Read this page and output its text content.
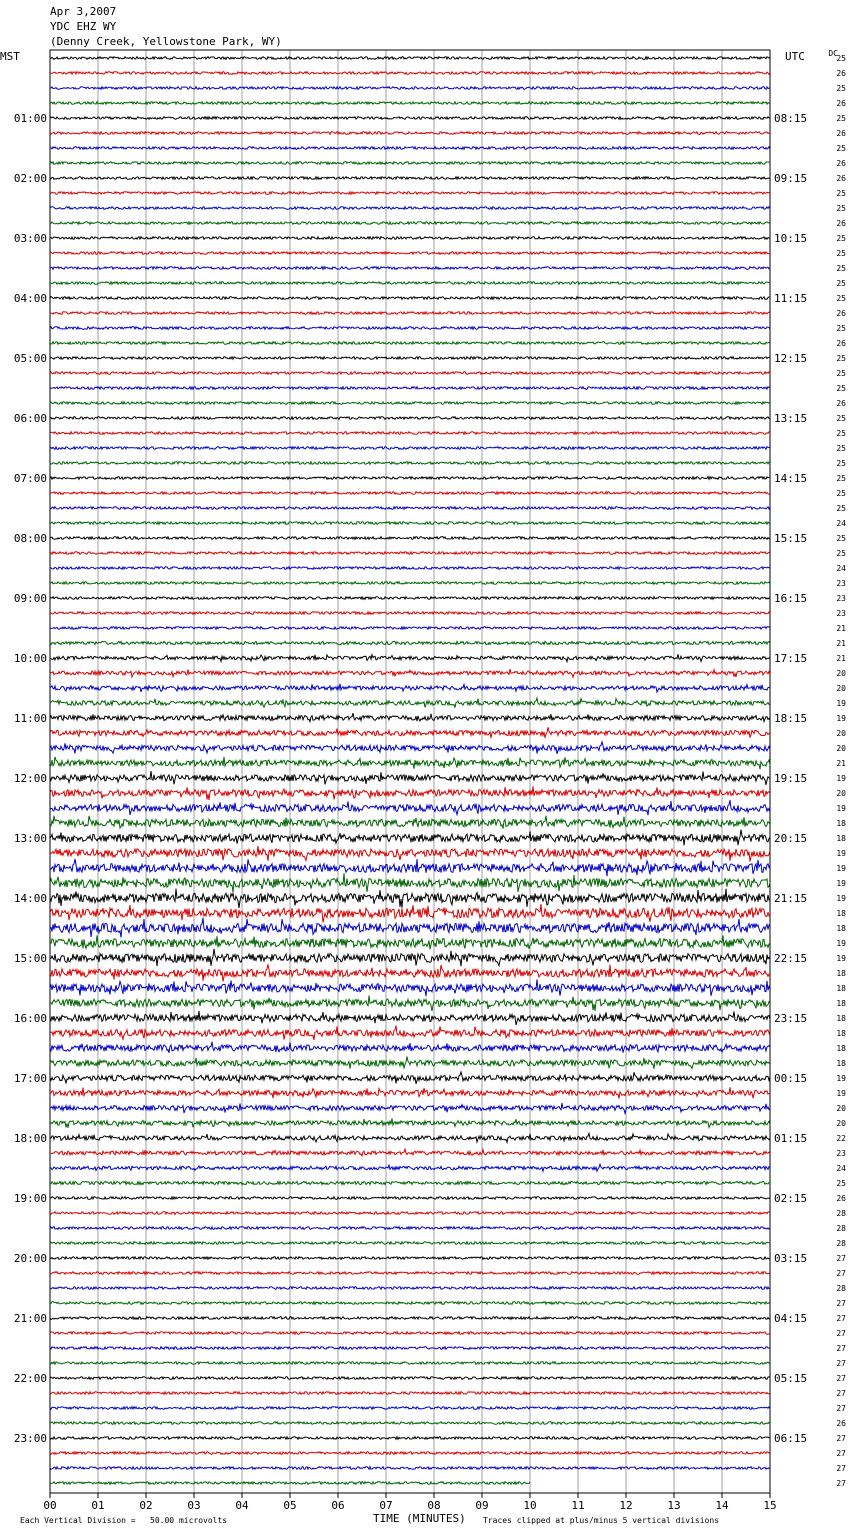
Apr 3,2007
YDC EHZ WY
(Denny Creek, Yellowstone Park, WY)
MST	UTC	DC
25
26
25
26
25
26
25
26
26
25
25
26
25
25
25
25
25
26
25
26
25
25
25
26
25
25
25
25
25
25
25
24
25
25
24
23
23
23
21
21
21
20
20
19
19
20
20
21
19
20
19
18
18
19
19
19
19
18
18
19
19
18
18
18
18
18
18
18
19
19
20
20
22
23
24
25
26
28
28
28
27
27
28
27
27
27
27
27
27
27
27
26
27
27
27
27
01:00
02:00
03:00
04:00
05:00
06:00
07:00
08:00
09:00
10:00
11:00
12:00
13:00
14:00
15:00
16:00
17:00
18:00
19:00
20:00
21:00
22:00
23:00
08:15
09:15
10:15
11:15
12:15
13:15
14:15
15:15
16:15
17:15
18:15
19:15
20:15
21:15
22:15
23:15
00:15
01:15
02:15
03:15
04:15
05:15
06:15
00	01	02	03	04	05	06	07	08	09	10	11	12	13	14	15
Each Vertical Division =   50.00 microvolts	TIME (MINUTES) Traces clipped at plus/minus 5 vertical divisions
